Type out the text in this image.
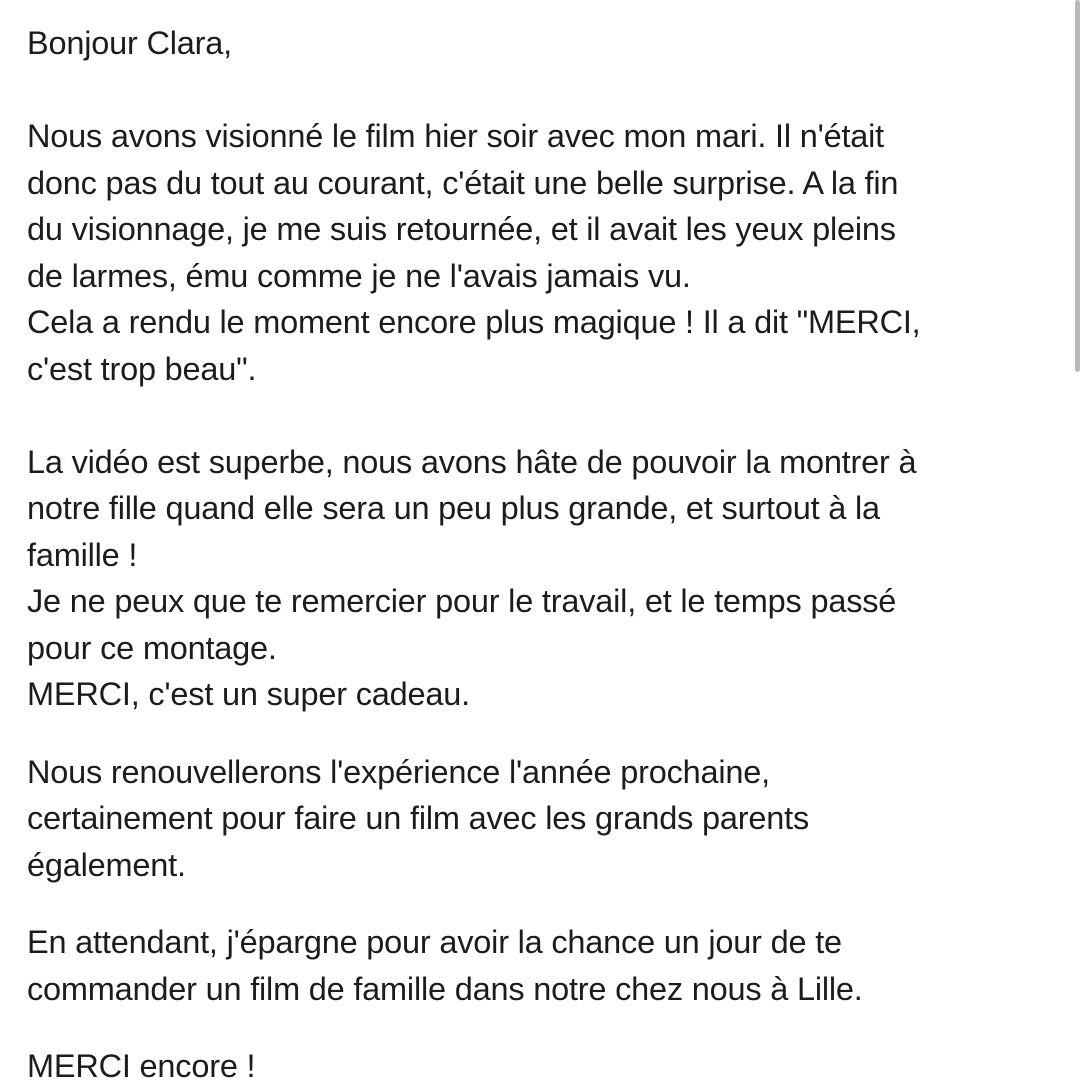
Bonjour Clara,
Nous avons visionné le film hier soir avec mon mari. Il n'était
donc pas du tout au courant, c'était une belle surprise. A la fin
du visionnage, je me suis retournée, et il avait les yeux pleins
de larmes, ému comme je ne l'avais jamais vu.
Cela a rendu le moment encore plus magique ! Il a dit "MERCI,
c'est trop beau".
La vidéo est superbe, nous avons hâte de pouvoir la montrer à
notre fille quand elle sera un peu plus grande, et surtout à la
famille !
Je ne peux que te remercier pour le travail, et le temps passé
pour ce montage.
MERCI, c'est un super cadeau.
Nous renouvellerons l'expérience l'année prochaine,
certainement pour faire un film avec les grands parents
également.
En attendant, j'épargne pour avoir la chance un jour de te
commander un film de famille dans notre chez nous à Lille.
MERCI encore !
